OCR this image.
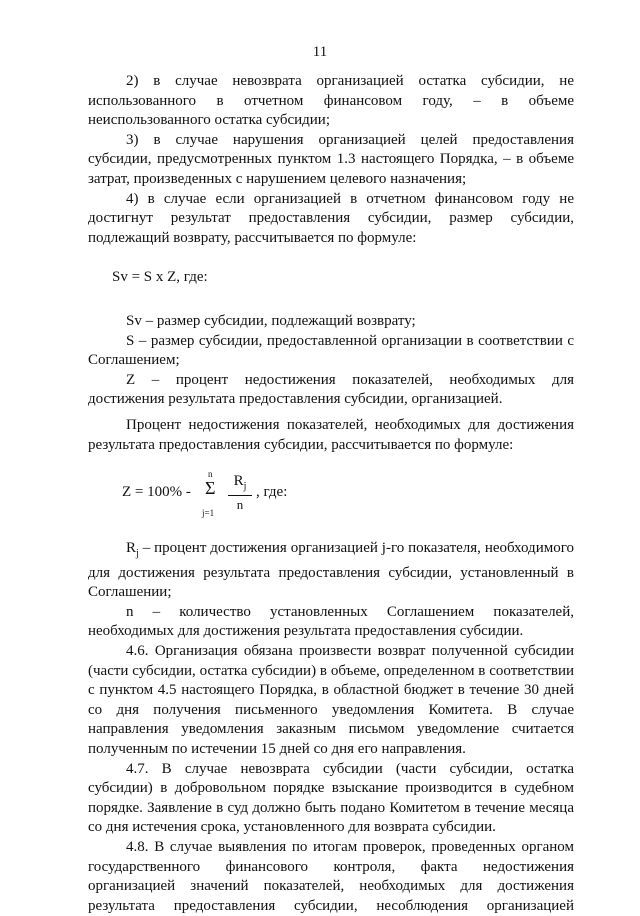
11

2) в случае невозврата организацией остатка субсидии, не использованного в отчетном финансовом году, – в объеме неиспользованного остатка субсидии;

3) в случае нарушения организацией целей предоставления субсидии, предусмотренных пунктом 1.3 настоящего Порядка, – в объеме затрат, произведенных с нарушением целевого назначения;

4) в случае если организацией в отчетном финансовом году не достигнут результат предоставления субсидии, размер субсидии, подлежащий возврату, рассчитывается по формуле:

Sv = S x Z, где:

Sv – размер субсидии, подлежащий возврату;

S – размер субсидии, предоставленной организации в соответствии с Соглашением;

Z – процент недостижения показателей, необходимых для достижения результата предоставления субсидии, организацией.

Процент недостижения показателей, необходимых для достижения результата предоставления субсидии, рассчитывается по формуле:

Z = 100% -
n
Σ
$j=1 \frac{R_j}{n}$ , где:

$R_j$ – процент достижения организацией j-го показателя, необходимого для достижения результата предоставления субсидии, установленный в Соглашении;

n – количество установленных Соглашением показателей, необходимых для достижения результата предоставления субсидии.

4.6. Организация обязана произвести возврат полученной субсидии (части субсидии, остатка субсидии) в объеме, определенном в соответствии с пунктом 4.5 настоящего Порядка, в областной бюджет в течение 30 дней со дня получения письменного уведомления Комитета. В случае направления уведомления заказным письмом уведомление считается полученным по истечении 15 дней со дня его направления.

4.7. В случае невозврата субсидии (части субсидии, остатка субсидии) в добровольном порядке взыскание производится в судебном порядке. Заявление в суд должно быть подано Комитетом в течение месяца со дня истечения срока, установленного для возврата субсидии.

4.8. В случае выявления по итогам проверок, проведенных органом государственного финансового контроля, факта недостижения организацией значений показателей, необходимых для достижения результата предоставления субсидии, несоблюдения организацией
